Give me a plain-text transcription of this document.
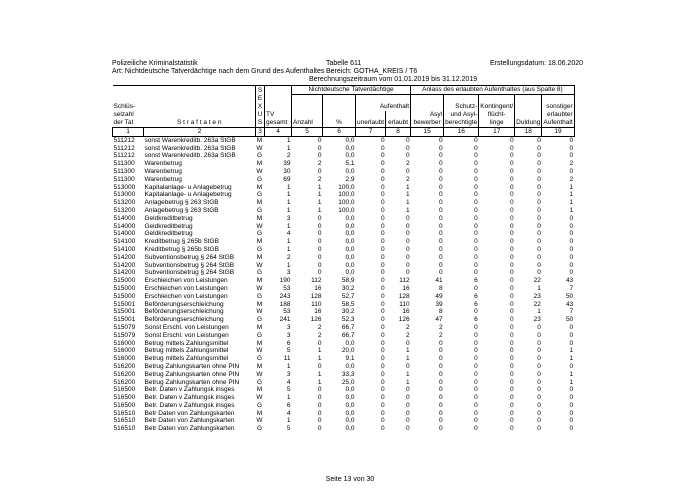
Polizeiliche Kriminalstatistik
Art: Nichtdeutsche Tatverdächtige nach dem Grund des Aufenthaltes
Tabelle 611
Bereich: GOTHA_KREIS / T6
Berechnungszeitraum vom 01.01.2019 bis 31.12.2019
Erstellungsdatum: 18.06.2020
		S		Nichtdeutsche Tatverdächtige				Anlass des erlaubten Aufenthaltes (aus Spalte 8)				
		E										
Schlüs-		X				Aufenthalt			Schutz-	Kontingent/		sonstiger
selzahl		U	TV					Asyl	und Asyl-	flücht-		erlaubter
der Tat	S t r a f t a t e n	S	gesamt	Anzahl	%	unerlaubt	erlaubt	bewerber	berechtigte	linge	Duldung	Aufenthalt
1	2	3	4	5	6	7	8	15	16	17	18	19
511212	sonst Warenkreditb. 263a StGB	M	1	0	0,0	0	0	0	0	0	0	0
511212	sonst Warenkreditb. 263a StGB	W	1	0	0,0	0	0	0	0	0	0	0
511212	sonst Warenkreditb. 263a StGB	G	2	0	0,0	0	0	0	0	0	0	0
511300	Warenbetrug	M	39	2	5,1	0	2	0	0	0	0	2
511300	Warenbetrug	W	30	0	0,0	0	0	0	0	0	0	0
511300	Warenbetrug	G	69	2	2,9	0	2	0	0	0	0	2
513000	Kapitalanlage- u Anlagebetrug	M	1	1	100,0	0	1	0	0	0	0	1
513000	Kapitalanlage- u Anlagebetrug	G	1	1	100,0	0	1	0	0	0	0	1
513200	Anlagebetrug § 263 StGB	M	1	1	100,0	0	1	0	0	0	0	1
513200	Anlagebetrug § 263 StGB	G	1	1	100,0	0	1	0	0	0	0	1
514000	Geldkreditbetrug	M	3	0	0,0	0	0	0	0	0	0	0
514000	Geldkreditbetrug	W	1	0	0,0	0	0	0	0	0	0	0
514000	Geldkreditbetrug	G	4	0	0,0	0	0	0	0	0	0	0
514100	Kreditbetrug § 265b StGB	M	1	0	0,0	0	0	0	0	0	0	0
514100	Kreditbetrug § 265b StGB	G	1	0	0,0	0	0	0	0	0	0	0
514200	Subventionsbetrug § 264 StGB	M	2	0	0,0	0	0	0	0	0	0	0
514200	Subventionsbetrug § 264 StGB	W	1	0	0,0	0	0	0	0	0	0	0
514200	Subventionsbetrug § 264 StGB	G	3	0	0,0	0	0	0	0	0	0	0
515000	Erschleichen von Leistungen	M	190	112	58,9	0	112	41	6	0	22	43
515000	Erschleichen von Leistungen	W	53	16	30,2	0	16	8	0	0	1	7
515000	Erschleichen von Leistungen	G	243	128	52,7	0	128	49	6	0	23	50
515001	Beförderungserschleichung	M	188	110	58,5	0	110	39	6	0	22	43
515001	Beförderungserschleichung	W	53	16	30,2	0	16	8	0	0	1	7
515001	Beförderungserschleichung	G	241	126	52,3	0	126	47	6	0	23	50
515079	Sonst Erschl. von Leistungen	M	3	2	66,7	0	2	2	0	0	0	0
515079	Sonst Erschl. von Leistungen	G	3	2	66,7	0	2	2	0	0	0	0
516000	Betrug mittels Zahlungsmittel	M	6	0	0,0	0	0	0	0	0	0	0
516000	Betrug mittels Zahlungsmittel	W	5	1	20,0	0	1	0	0	0	0	1
516000	Betrug mittels Zahlungsmittel	G	11	1	9,1	0	1	0	0	0	0	1
516200	Betrug Zahlungskarten ohne PIN	M	1	0	0,0	0	0	0	0	0	0	0
516200	Betrug Zahlungskarten ohne PIN	W	3	1	33,3	0	1	0	0	0	0	1
516200	Betrug Zahlungskarten ohne PIN	G	4	1	25,0	0	1	0	0	0	0	1
516500	Betr. Daten v Zahlungsk insges	M	5	0	0,0	0	0	0	0	0	0	0
516500	Betr. Daten v Zahlungsk insges	W	1	0	0,0	0	0	0	0	0	0	0
516500	Betr. Daten v Zahlungsk insges	G	6	0	0,0	0	0	0	0	0	0	0
516510	Betr Daten von Zahlungskarten	M	4	0	0,0	0	0	0	0	0	0	0
516510	Betr Daten von Zahlungskarten	W	1	0	0,0	0	0	0	0	0	0	0
516510	Betr Daten von Zahlungskarten	G	5	0	0,0	0	0	0	0	0	0	0
Seite 13 von 30
